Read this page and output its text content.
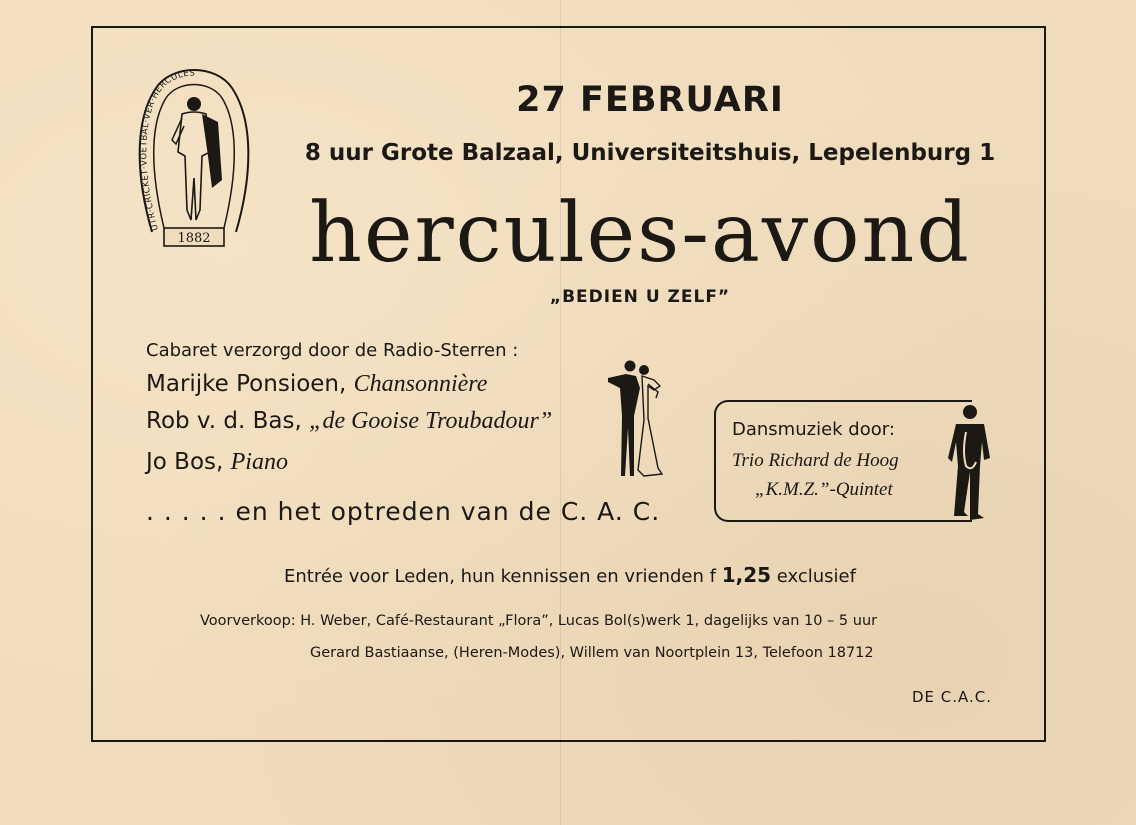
UTR·CRICKET·VOETBAL·VER·HERCULES
1882
27 FEBRUARI
8 uur Grote Balzaal, Universiteitshuis, Lepelenburg 1
hercules-avond
„BEDIEN U ZELF”
Cabaret verzorgd door de Radio-Sterren :
Marijke Ponsioen, Chansonnière
Rob v. d. Bas, „de Gooise Troubadour”
Jo Bos, Piano
. . . . . en het optreden van de C. A. C.
Dansmuziek door:
Trio Richard de Hoog
„K.M.Z.”-Quintet
Entrée voor Leden, hun kennissen en vrienden f 1,25 exclusief
Voorverkoop: H. Weber, Café-Restaurant „Flora”, Lucas Bol(s)werk 1, dagelijks van 10 – 5 uur
Gerard Bastiaanse, (Heren-Modes), Willem van Noortplein 13, Telefoon 18712
DE C.A.C.
